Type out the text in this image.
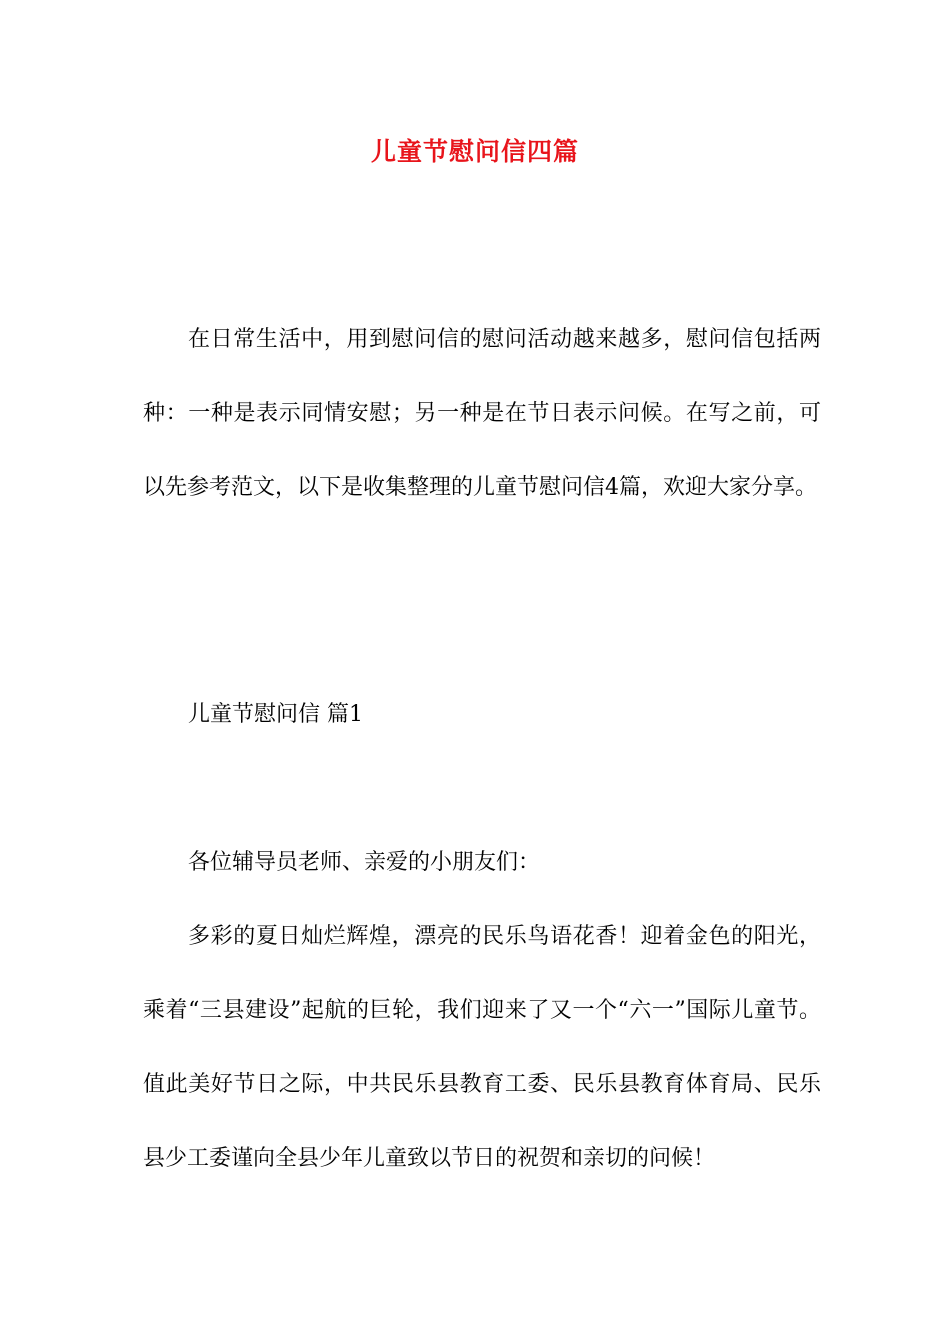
儿童节慰问信四篇

在日常生活中，用到慰问信的慰问活动越来越多，慰问信包括两种：一种是表示同情安慰；另一种是在节日表示问候。在写之前，可以先参考范文，以下是收集整理的儿童节慰问信4篇，欢迎大家分享。

儿童节慰问信 篇1

各位辅导员老师、亲爱的小朋友们：

多彩的夏日灿烂辉煌，漂亮的民乐鸟语花香！迎着金色的阳光，乘着“三县建设”起航的巨轮，我们迎来了又一个“六一”国际儿童节。值此美好节日之际，中共民乐县教育工委、民乐县教育体育局、民乐县少工委谨向全县少年儿童致以节日的祝贺和亲切的问候！
